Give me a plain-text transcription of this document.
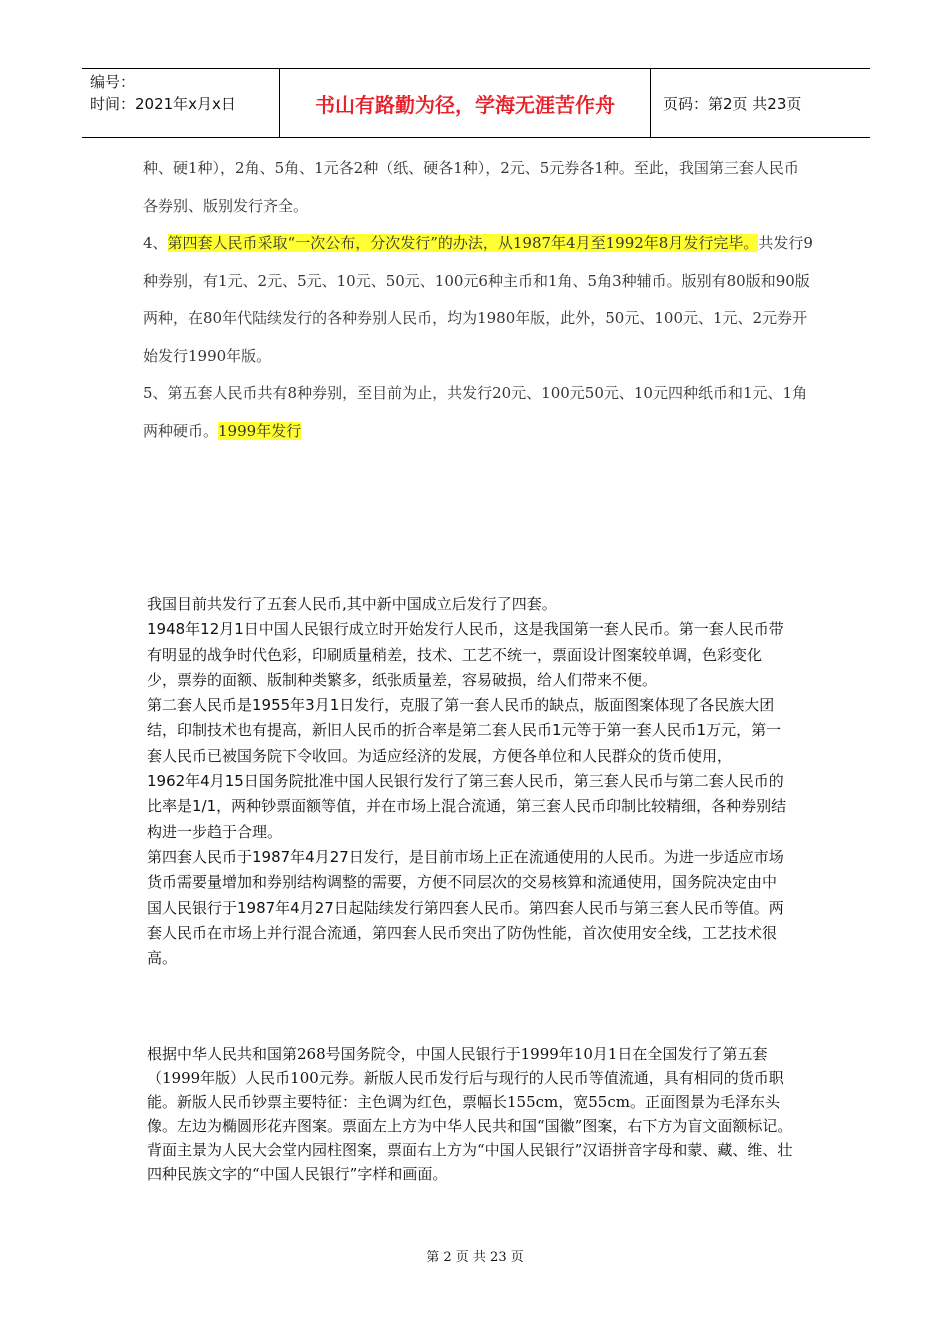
编号：
时间：2021年x月x日	书山有路勤为径，学海无涯苦作舟	页码：第2页 共23页

种、硬1种），2角、5角、1元各2种（纸、硬各1种），2元、5元券各1种。至此，我国第三套人民币各券别、版别发行齐全。

4、第四套人民币采取“一次公布，分次发行”的办法，从1987年4月至1992年8月发行完毕。共发行9种券别，有1元、2元、5元、10元、50元、100元6种主币和1角、5角3种辅币。版别有80版和90版两种，在80年代陆续发行的各种券别人民币，均为1980年版，此外，50元、100元、1元、2元券开始发行1990年版。

5、第五套人民币共有8种券别，至目前为止，共发行20元、100元50元、10元四种纸币和1元、1角两种硬币。1999年发行

我国目前共发行了五套人民币,其中新中国成立后发行了四套。

1948年12月1日中国人民银行成立时开始发行人民币，这是我国第一套人民币。第一套人民币带有明显的战争时代色彩，印刷质量稍差，技术、工艺不统一，票面设计图案较单调，色彩变化少，票券的面额、版制种类繁多，纸张质量差，容易破损，给人们带来不便。

第二套人民币是1955年3月1日发行，克服了第一套人民币的缺点，版面图案体现了各民族大团结，印制技术也有提高，新旧人民币的折合率是第二套人民币1元等于第一套人民币1万元，第一套人民币已被国务院下令收回。为适应经济的发展，方便各单位和人民群众的货币使用，

1962年4月15日国务院批准中国人民银行发行了第三套人民币，第三套人民币与第二套人民币的比率是1/1，两种钞票面额等值，并在市场上混合流通，第三套人民币印制比较精细，各种券别结构进一步趋于合理。

第四套人民币于1987年4月27日发行，是目前市场上正在流通使用的人民币。为进一步适应市场货币需要量增加和券别结构调整的需要，方便不同层次的交易核算和流通使用，国务院决定由中国人民银行于1987年4月27日起陆续发行第四套人民币。第四套人民币与第三套人民币等值。两套人民币在市场上并行混合流通，第四套人民币突出了防伪性能，首次使用安全线，工艺技术很高。

根据中华人民共和国第268号国务院令，中国人民银行于1999年10月1日在全国发行了第五套（1999年版）人民币100元券。新版人民币发行后与现行的人民币等值流通，具有相同的货币职能。新版人民币钞票主要特征：主色调为红色，票幅长155cm，宽55cm。正面图景为毛泽东头像。左边为椭圆形花卉图案。票面左上方为中华人民共和国“国徽”图案，右下方为盲文面额标记。背面主景为人民大会堂内园柱图案，票面右上方为“中国人民银行”汉语拼音字母和蒙、藏、维、壮四种民族文字的“中国人民银行”字样和画面。

第 2 页 共 23 页
